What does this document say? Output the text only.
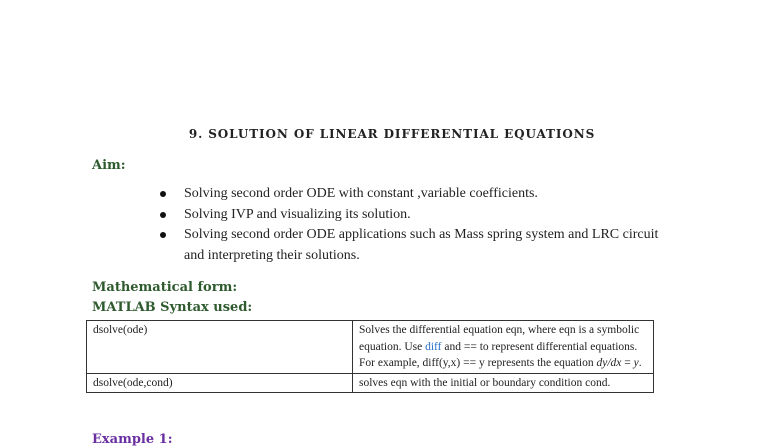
9. SOLUTION OF LINEAR DIFFERENTIAL EQUATIONS
Aim:
Solving second order ODE with constant ,variable coefficients.
Solving IVP and visualizing its solution.
Solving second order ODE applications such as Mass spring system and LRC circuit and interpreting their solutions.
Mathematical form:
MATLAB Syntax used:
dsolve(ode)	Solves the differential equation eqn, where eqn is a symbolic equation. Use diff and == to represent differential equations. For example, diff(y,x) == y represents the equation dy/dx = y.
dsolve(ode,cond)	solves eqn with the initial or boundary condition cond.
Example 1:
